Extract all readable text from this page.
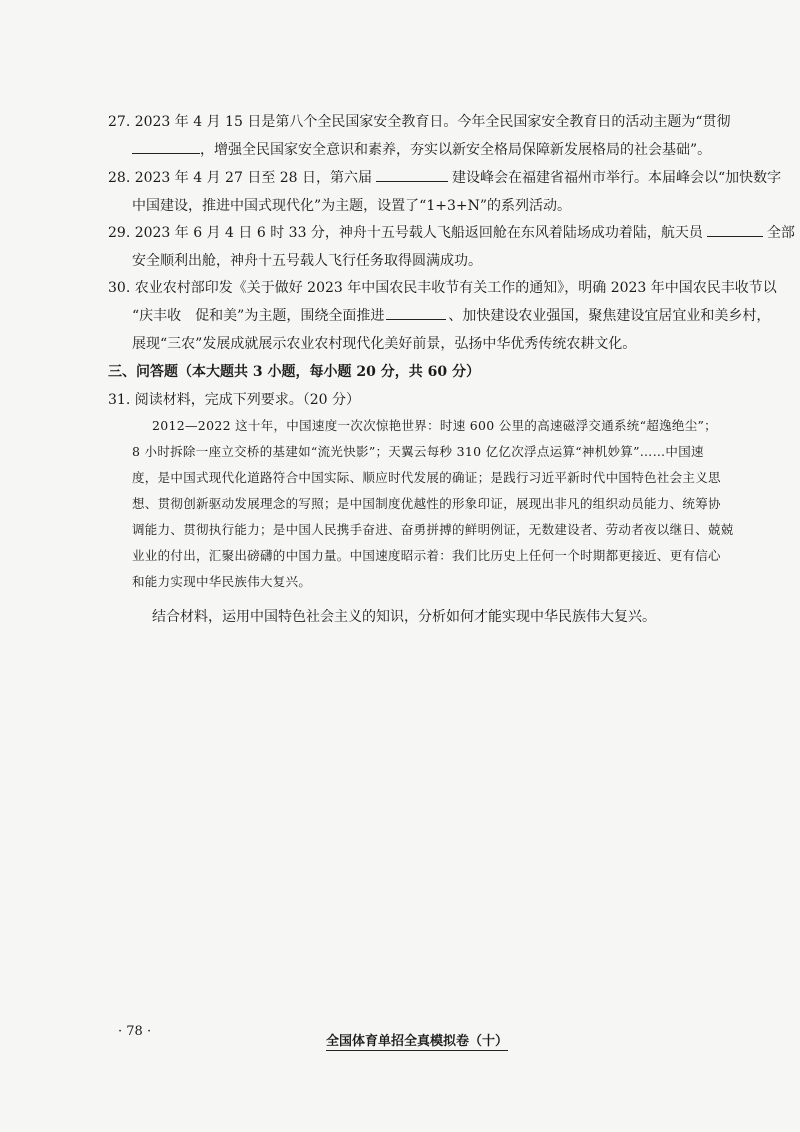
27. 2023 年 4 月 15 日是第八个全民国家安全教育日。今年全民国家安全教育日的活动主题为“贯彻
，增强全民国家安全意识和素养，夯实以新安全格局保障新发展格局的社会基础”。
28. 2023 年 4 月 27 日至 28 日，第六届	建设峰会在福建省福州市举行。本届峰会以“加快数字
中国建设，推进中国式现代化”为主题，设置了“1+3+N”的系列活动。
29. 2023 年 6 月 4 日 6 时 33 分，神舟十五号载人飞船返回舱在东风着陆场成功着陆，航天员	全部
安全顺利出舱，神舟十五号载人飞行任务取得圆满成功。
30. 农业农村部印发《关于做好 2023 年中国农民丰收节有关工作的通知》，明确 2023 年中国农民丰收节以
“庆丰收　促和美”为主题，围绕全面推进	、加快建设农业强国，聚焦建设宜居宜业和美乡村，
展现“三农”发展成就展示农业农村现代化美好前景，弘扬中华优秀传统农耕文化。
三、问答题（本大题共 3 小题，每小题 20 分，共 60 分）
31. 阅读材料，完成下列要求。（20 分）
2012—2022 这十年，中国速度一次次惊艳世界：时速 600 公里的高速磁浮交通系统“超逸绝尘”；
8 小时拆除一座立交桥的基建如“流光快影”；天翼云每秒 310 亿亿次浮点运算“神机妙算”……中国速
度，是中国式现代化道路符合中国实际、顺应时代发展的确证；是践行习近平新时代中国特色社会主义思
想、贯彻创新驱动发展理念的写照；是中国制度优越性的形象印证，展现出非凡的组织动员能力、统筹协
调能力、贯彻执行能力；是中国人民携手奋进、奋勇拼搏的鲜明例证，无数建设者、劳动者夜以继日、兢兢
业业的付出，汇聚出磅礴的中国力量。中国速度昭示着：我们比历史上任何一个时期都更接近、更有信心
和能力实现中华民族伟大复兴。
结合材料，运用中国特色社会主义的知识，分析如何才能实现中华民族伟大复兴。
· 78 ·
全国体育单招全真模拟卷（十）
